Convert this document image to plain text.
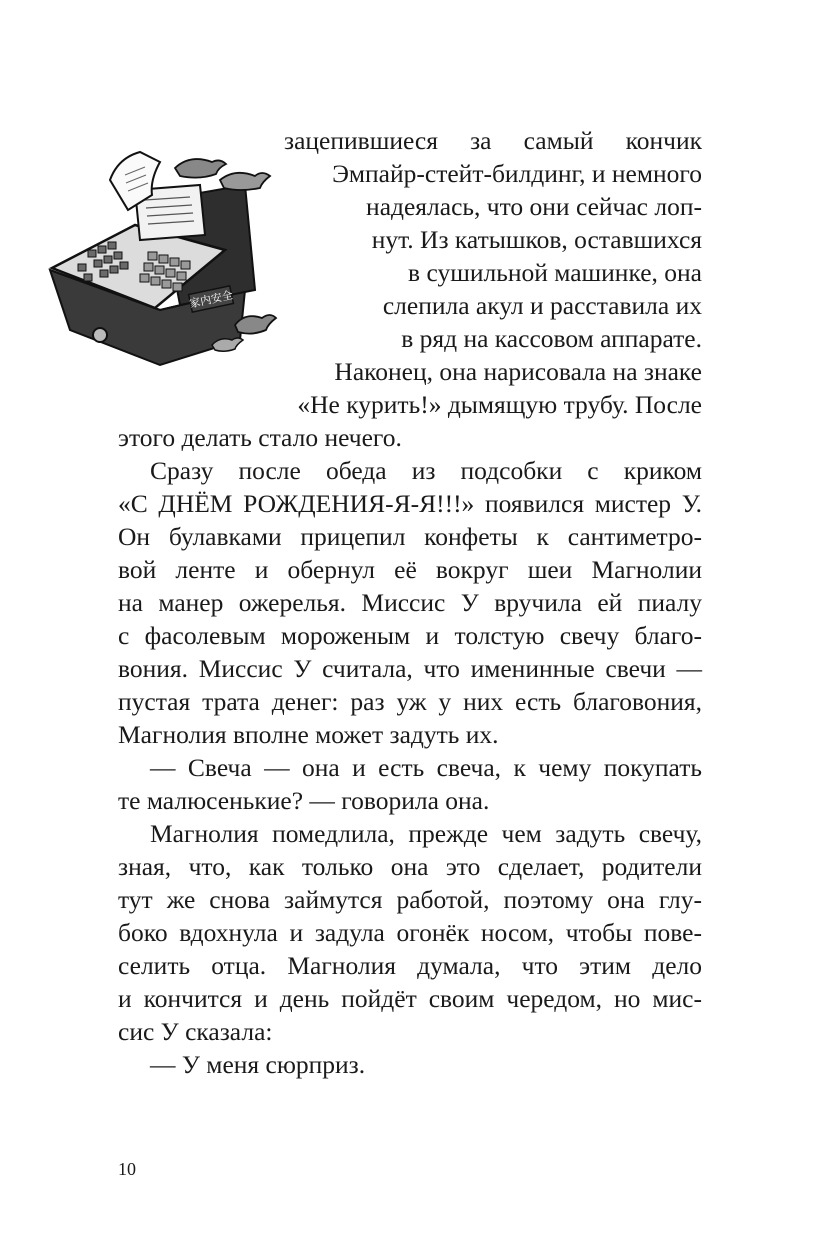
家内安全
зацепившиеся за самый кончик
Эмпайр-стейт-билдинг, и немного
надеялась, что они сейчас лоп-
нут. Из катышков, оставшихся
в сушильной машинке, она
слепила акул и расставила их
в ряд на кассовом аппарате.
Наконец, она нарисовала на знаке
«Не курить!» дымящую трубу. После
этого делать стало нечего.
Сразу после обеда из подсобки с криком
«С ДНЁМ РОЖДЕНИЯ-Я-Я!!!» появился мистер У.
Он булавками прицепил конфеты к сантиметро-
вой ленте и обернул её вокруг шеи Магнолии
на манер ожерелья. Миссис У вручила ей пиалу
с фасолевым мороженым и толстую свечу благо-
вония. Миссис У считала, что именинные свечи —
пустая трата денег: раз уж у них есть благовония,
Магнолия вполне может задуть их.
— Свеча — она и есть свеча, к чему покупать
те малюсенькие? — говорила она.
Магнолия помедлила, прежде чем задуть свечу,
зная, что, как только она это сделает, родители
тут же снова займутся работой, поэтому она глу-
боко вдохнула и задула огонёк носом, чтобы пове-
селить отца. Магнолия думала, что этим дело
и кончится и день пойдёт своим чередом, но мис-
сис У сказала:
— У меня сюрприз.
10
